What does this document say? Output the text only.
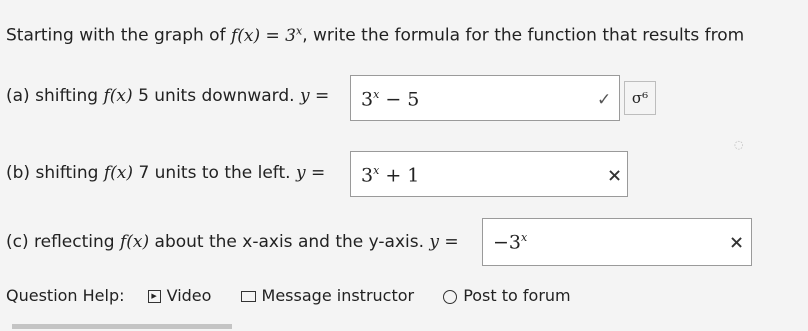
Starting with the graph of $f(x) = 3^x$, write the formula for the function that results from
(a) shifting f(x) 5 units downward. $y = 3^x - 5$	✓	σ⁶
◌
(b) shifting f(x) 7 units to the left. $y = 3^x + 1$	×
(c) reflecting f(x) about the x-axis and the y-axis. $y = -3^x$	×
Question Help:	▶ Video	Message instructor	Post to forum
